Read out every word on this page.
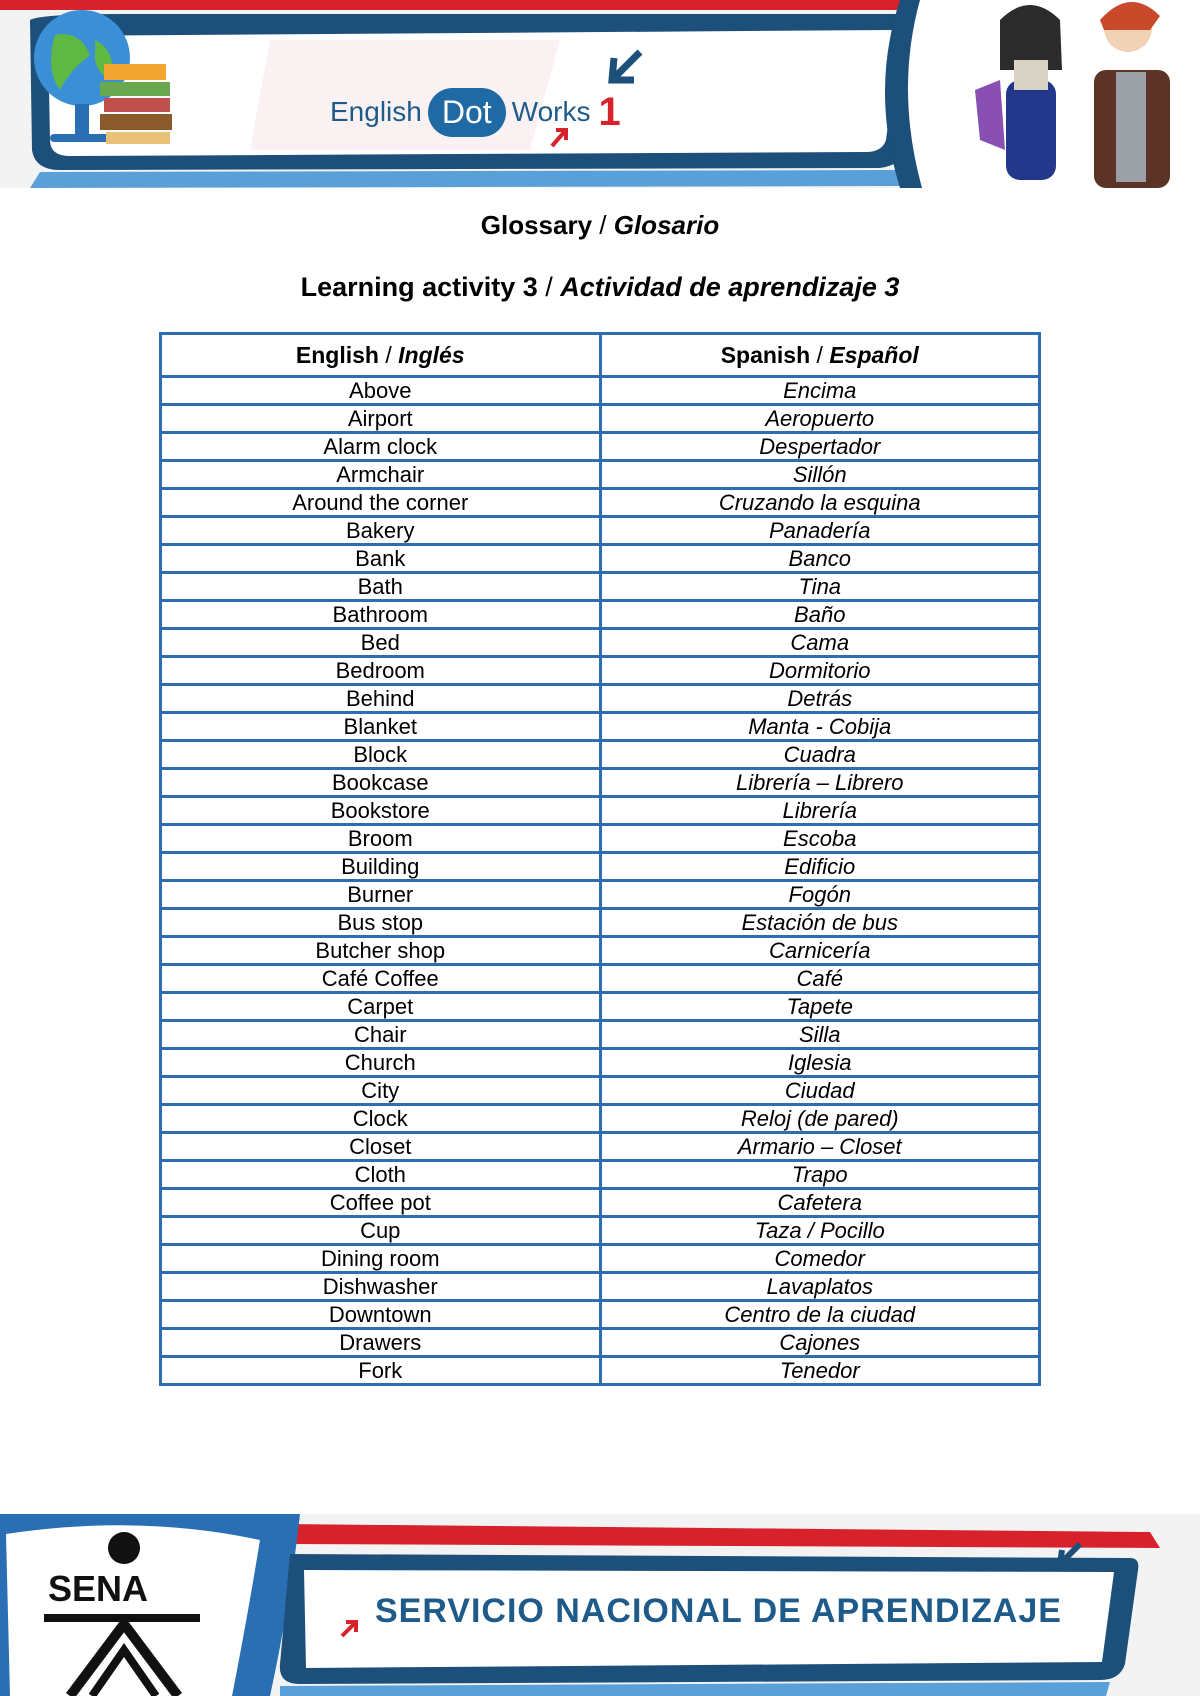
English Dot Works 1
Glossary / Glosario
Learning activity 3 / Actividad de aprendizaje 3
English / Inglés	Spanish / Español
Above	Encima
Airport	Aeropuerto
Alarm clock	Despertador
Armchair	Sillón
Around the corner	Cruzando la esquina
Bakery	Panadería
Bank	Banco
Bath	Tina
Bathroom	Baño
Bed	Cama
Bedroom	Dormitorio
Behind	Detrás
Blanket	Manta - Cobija
Block	Cuadra
Bookcase	Librería – Librero
Bookstore	Librería
Broom	Escoba
Building	Edificio
Burner	Fogón
Bus stop	Estación de bus
Butcher shop	Carnicería
Café Coffee	Café
Carpet	Tapete
Chair	Silla
Church	Iglesia
City	Ciudad
Clock	Reloj (de pared)
Closet	Armario – Closet
Cloth	Trapo
Coffee pot	Cafetera
Cup	Taza / Pocillo
Dining room	Comedor
Dishwasher	Lavaplatos
Downtown	Centro de la ciudad
Drawers	Cajones
Fork	Tenedor
SENA
SERVICIO NACIONAL DE APRENDIZAJE
